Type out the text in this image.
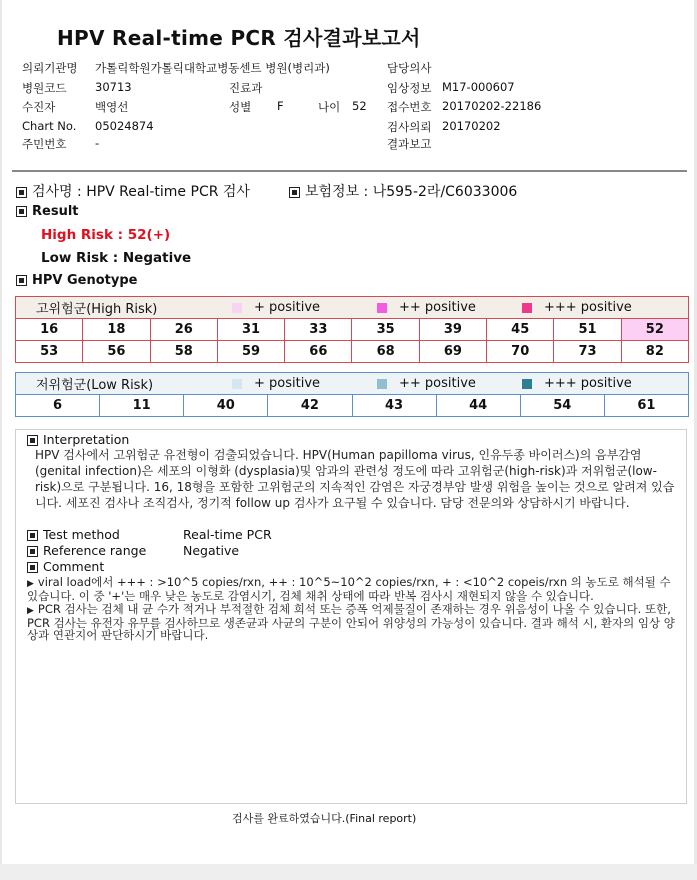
HPV Real-time PCR 검사결과보고서
의뢰기관명 가톨릭학원가톨릭대학교병동센트 병원(병리과)	담당의사
병원코드 30713	진료과	임상정보 M17-000607
수진자	백영선	성별 F	나이 52 접수번호 20170202-22186
Chart No. 05024874	검사의뢰 20170202
주민번호 -	결과보고
검사명 : HPV Real-time PCR 검사	보험정보 : 나595-2라/C6033006
Result
High Risk : 52(+)
Low Risk : Negative
HPV Genotype
고위험군(High Risk) + positive ++ positive +++ positive									

16	18	26	31	33	35	39	45	51	52
53	56	58	59	66	68	69	70	73	82
저위험군(Low Risk)	+ positive	++ positive	+++ positive

6	11	40	42	43	44	54	61
Interpretation
HPV 검사에서 고위험군 유전형이 검출되었습니다. HPV(Human papilloma virus, 인유두종 바이러스)의 음부감염(genital infection)은 세포의 이형화 (dysplasia)및 암과의 관련성 정도에 따라 고위험군(high-risk)과 저위험군(low-risk)으로 구분됩니다. 16, 18형을 포함한 고위험군의 지속적인 감염은 자궁경부암 발생 위험을 높이는 것으로 알려져 있습니다. 세포진 검사나 조직검사, 정기적 follow up 검사가 요구될 수 있습니다. 담당 전문의와 상담하시기 바랍니다.
Test method	Real-time PCR
Reference range	Negative
Comment
▶ viral load에서 +++ : >10^5 copies/rxn, ++ : 10^5~10^2 copies/rxn, + : <10^2 copeis/rxn 의 농도로 해석될 수 있습니다. 이 중 '+'는 매우 낮은 농도로 감염시기, 검체 채취 상태에 따라 반복 검사시 재현되지 않을 수 있습니다.
▶ PCR 검사는 검체 내 균 수가 적거나 부적절한 검체 희석 또는 증폭 억제물질이 존재하는 경우 위음성이 나올 수 있습니다. 또한, PCR 검사는 유전자 유무를 검사하므로 생존균과 사균의 구분이 안되어 위양성의 가능성이 있습니다. 결과 해석 시, 환자의 임상 양상과 연관지어 판단하시기 바랍니다.
검사를 완료하였습니다.(Final report)
